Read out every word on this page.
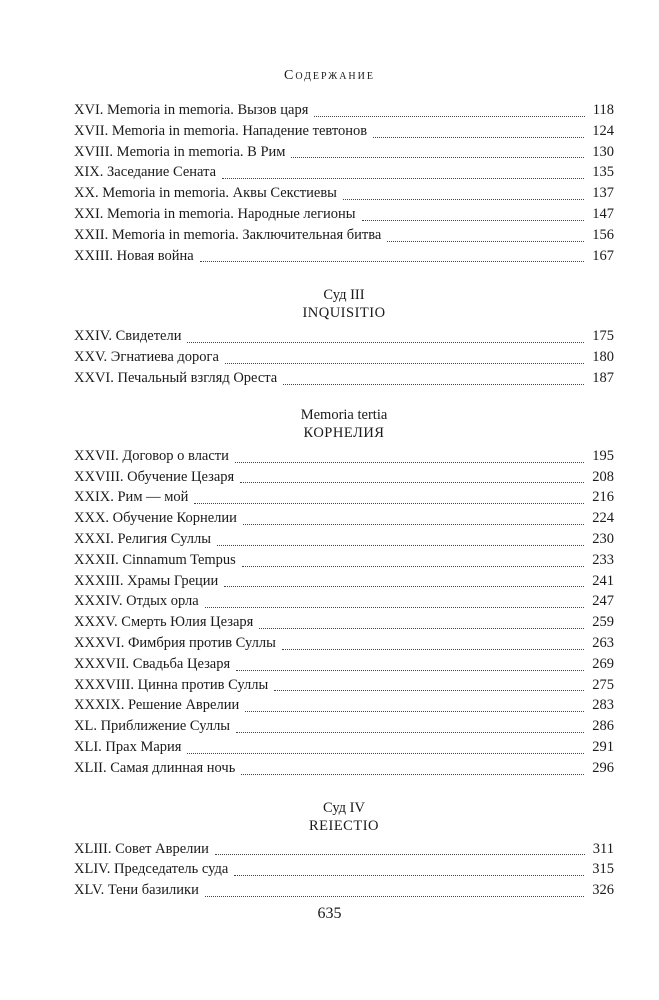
Содержание
XVI. Memoria in memoria. Вызов царя	118
XVII. Memoria in memoria. Нападение тевтонов	124
XVIII. Memoria in memoria. В Рим	130
XIX. Заседание Сената	135
XX. Memoria in memoria. Аквы Секстиевы	137
XXI. Memoria in memoria. Народные легионы	147
XXII. Memoria in memoria. Заключительная битва	156
XXIII. Новая война	167
Суд III
INQUISITIO
XXIV. Свидетели	175
XXV. Эгнатиева дорога	180
XXVI. Печальный взгляд Ореста	187
Memoria tertia
КОРНЕЛИЯ
XXVII. Договор о власти	195
XXVIII. Обучение Цезаря	208
XXIX. Рим — мой	216
XXX. Обучение Корнелии	224
XXXI. Религия Суллы	230
XXXII. Cinnamum Tempus	233
XXXIII. Храмы Греции	241
XXXIV. Отдых орла	247
XXXV. Смерть Юлия Цезаря	259
XXXVI. Фимбрия против Суллы	263
XXXVII. Свадьба Цезаря	269
XXXVIII. Цинна против Суллы	275
XXXIX. Решение Аврелии	283
XL. Приближение Суллы	286
XLI. Прах Мария	291
XLII. Самая длинная ночь	296
Суд IV
REIECTIO
XLIII. Совет Аврелии	311
XLIV. Председатель суда	315
XLV. Тени базилики	326
635
